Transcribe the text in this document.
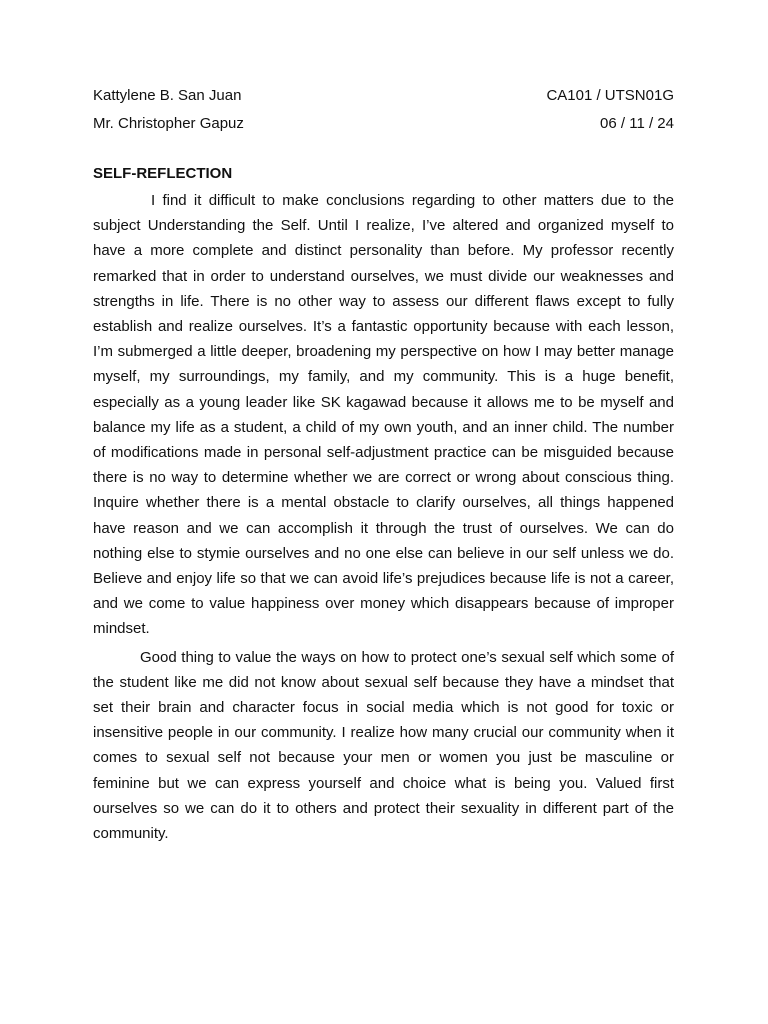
Kattylene B. San Juan	CA101 / UTSN01G
Mr. Christopher Gapuz	06 / 11 / 24
SELF-REFLECTION

I find it difficult to make conclusions regarding to other matters due to the subject Understanding the Self. Until I realize, I’ve altered and organized myself to have a more complete and distinct personality than before. My professor recently remarked that in order to understand ourselves, we must divide our weaknesses and strengths in life. There is no other way to assess our different flaws except to fully establish and realize ourselves. It’s a fantastic opportunity because with each lesson, I’m submerged a little deeper, broadening my perspective on how I may better manage myself, my surroundings, my family, and my community. This is a huge benefit, especially as a young leader like SK kagawad because it allows me to be myself and balance my life as a student, a child of my own youth, and an inner child. The number of modifications made in personal self-adjustment practice can be misguided because there is no way to determine whether we are correct or wrong about conscious thing. Inquire whether there is a mental obstacle to clarify ourselves, all things happened have reason and we can accomplish it through the trust of ourselves. We can do nothing else to stymie ourselves and no one else can believe in our self unless we do. Believe and enjoy life so that we can avoid life’s prejudices because life is not a career, and we come to value happiness over money which disappears because of improper mindset.

Good thing to value the ways on how to protect one’s sexual self which some of the student like me did not know about sexual self because they have a mindset that set their brain and character focus in social media which is not good for toxic or insensitive people in our community. I realize how many crucial our community when it comes to sexual self not because your men or women you just be masculine or feminine but we can express yourself and choice what is being you. Valued first ourselves so we can do it to others and protect their sexuality in different part of the community.
